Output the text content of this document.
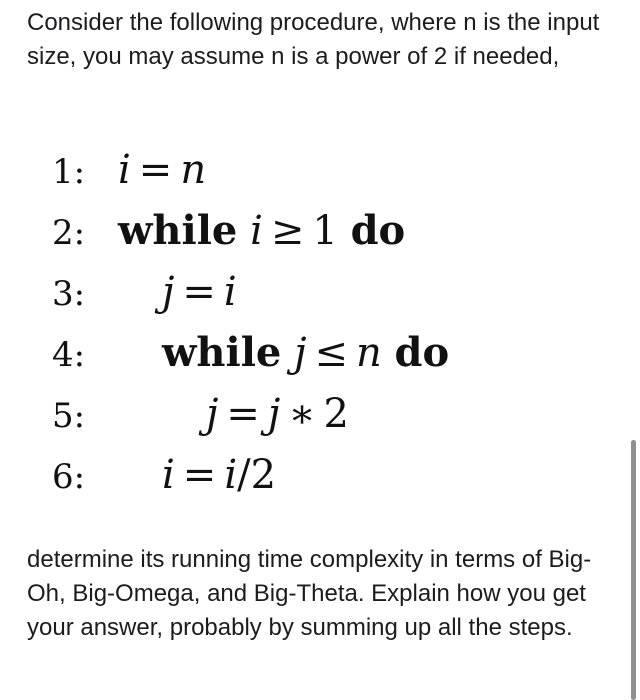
Consider the following procedure, where n is the input size, you may assume n is a power of 2 if needed,

1: i = n
2: while i ≥ 1 do
3: j = i
4: while j ≤ n do
5:	j = j ∗ 2
6: i = i/2

determine its running time complexity in terms of Big-Oh, Big-Omega, and Big-Theta. Explain how you get your answer, probably by summing up all the steps.
